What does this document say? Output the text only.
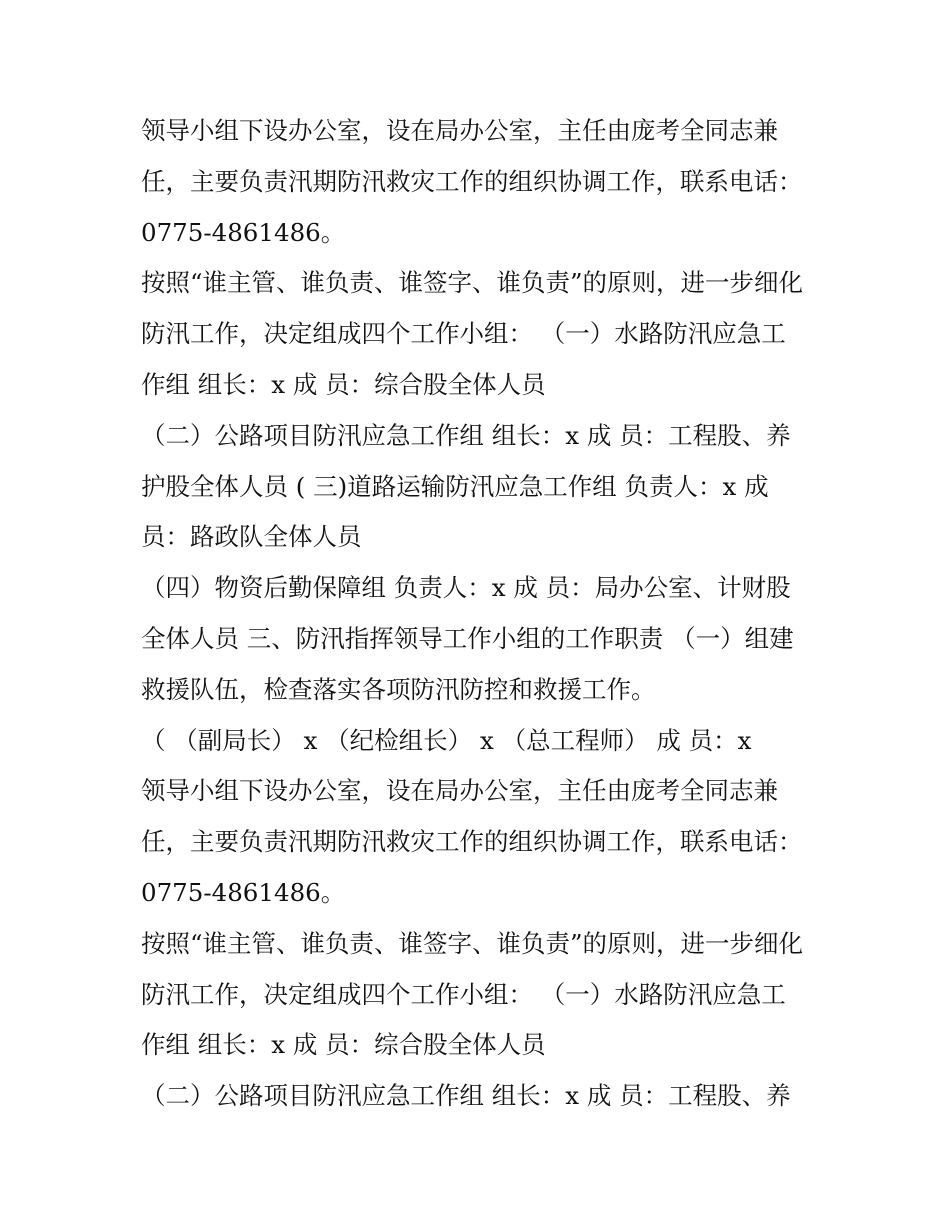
领导小组下设办公室，设在局办公室，主任由庞考全同志兼
任，主要负责汛期防汛救灾工作的组织协调工作，联系电话：
0775-4861486。
按照“谁主管、谁负责、谁签字、谁负责”的原则，进一步细化
防汛工作，决定组成四个工作小组： （一）水路防汛应急工
作组 组长：x 成 员：综合股全体人员
（二）公路项目防汛应急工作组 组长：x 成 员：工程股、养
护股全体人员 ( 三)道路运输防汛应急工作组 负责人：x 成
员：路政队全体人员
（四）物资后勤保障组 负责人：x 成 员：局办公室、计财股
全体人员 三、防汛指挥领导工作小组的工作职责 （一）组建
救援队伍，检查落实各项防汛防控和救援工作。
（ （副局长） x （纪检组长） x （总工程师） 成 员：x
领导小组下设办公室，设在局办公室，主任由庞考全同志兼
任，主要负责汛期防汛救灾工作的组织协调工作，联系电话：
0775-4861486。
按照“谁主管、谁负责、谁签字、谁负责”的原则，进一步细化
防汛工作，决定组成四个工作小组： （一）水路防汛应急工
作组 组长：x 成 员：综合股全体人员
（二）公路项目防汛应急工作组 组长：x 成 员：工程股、养
